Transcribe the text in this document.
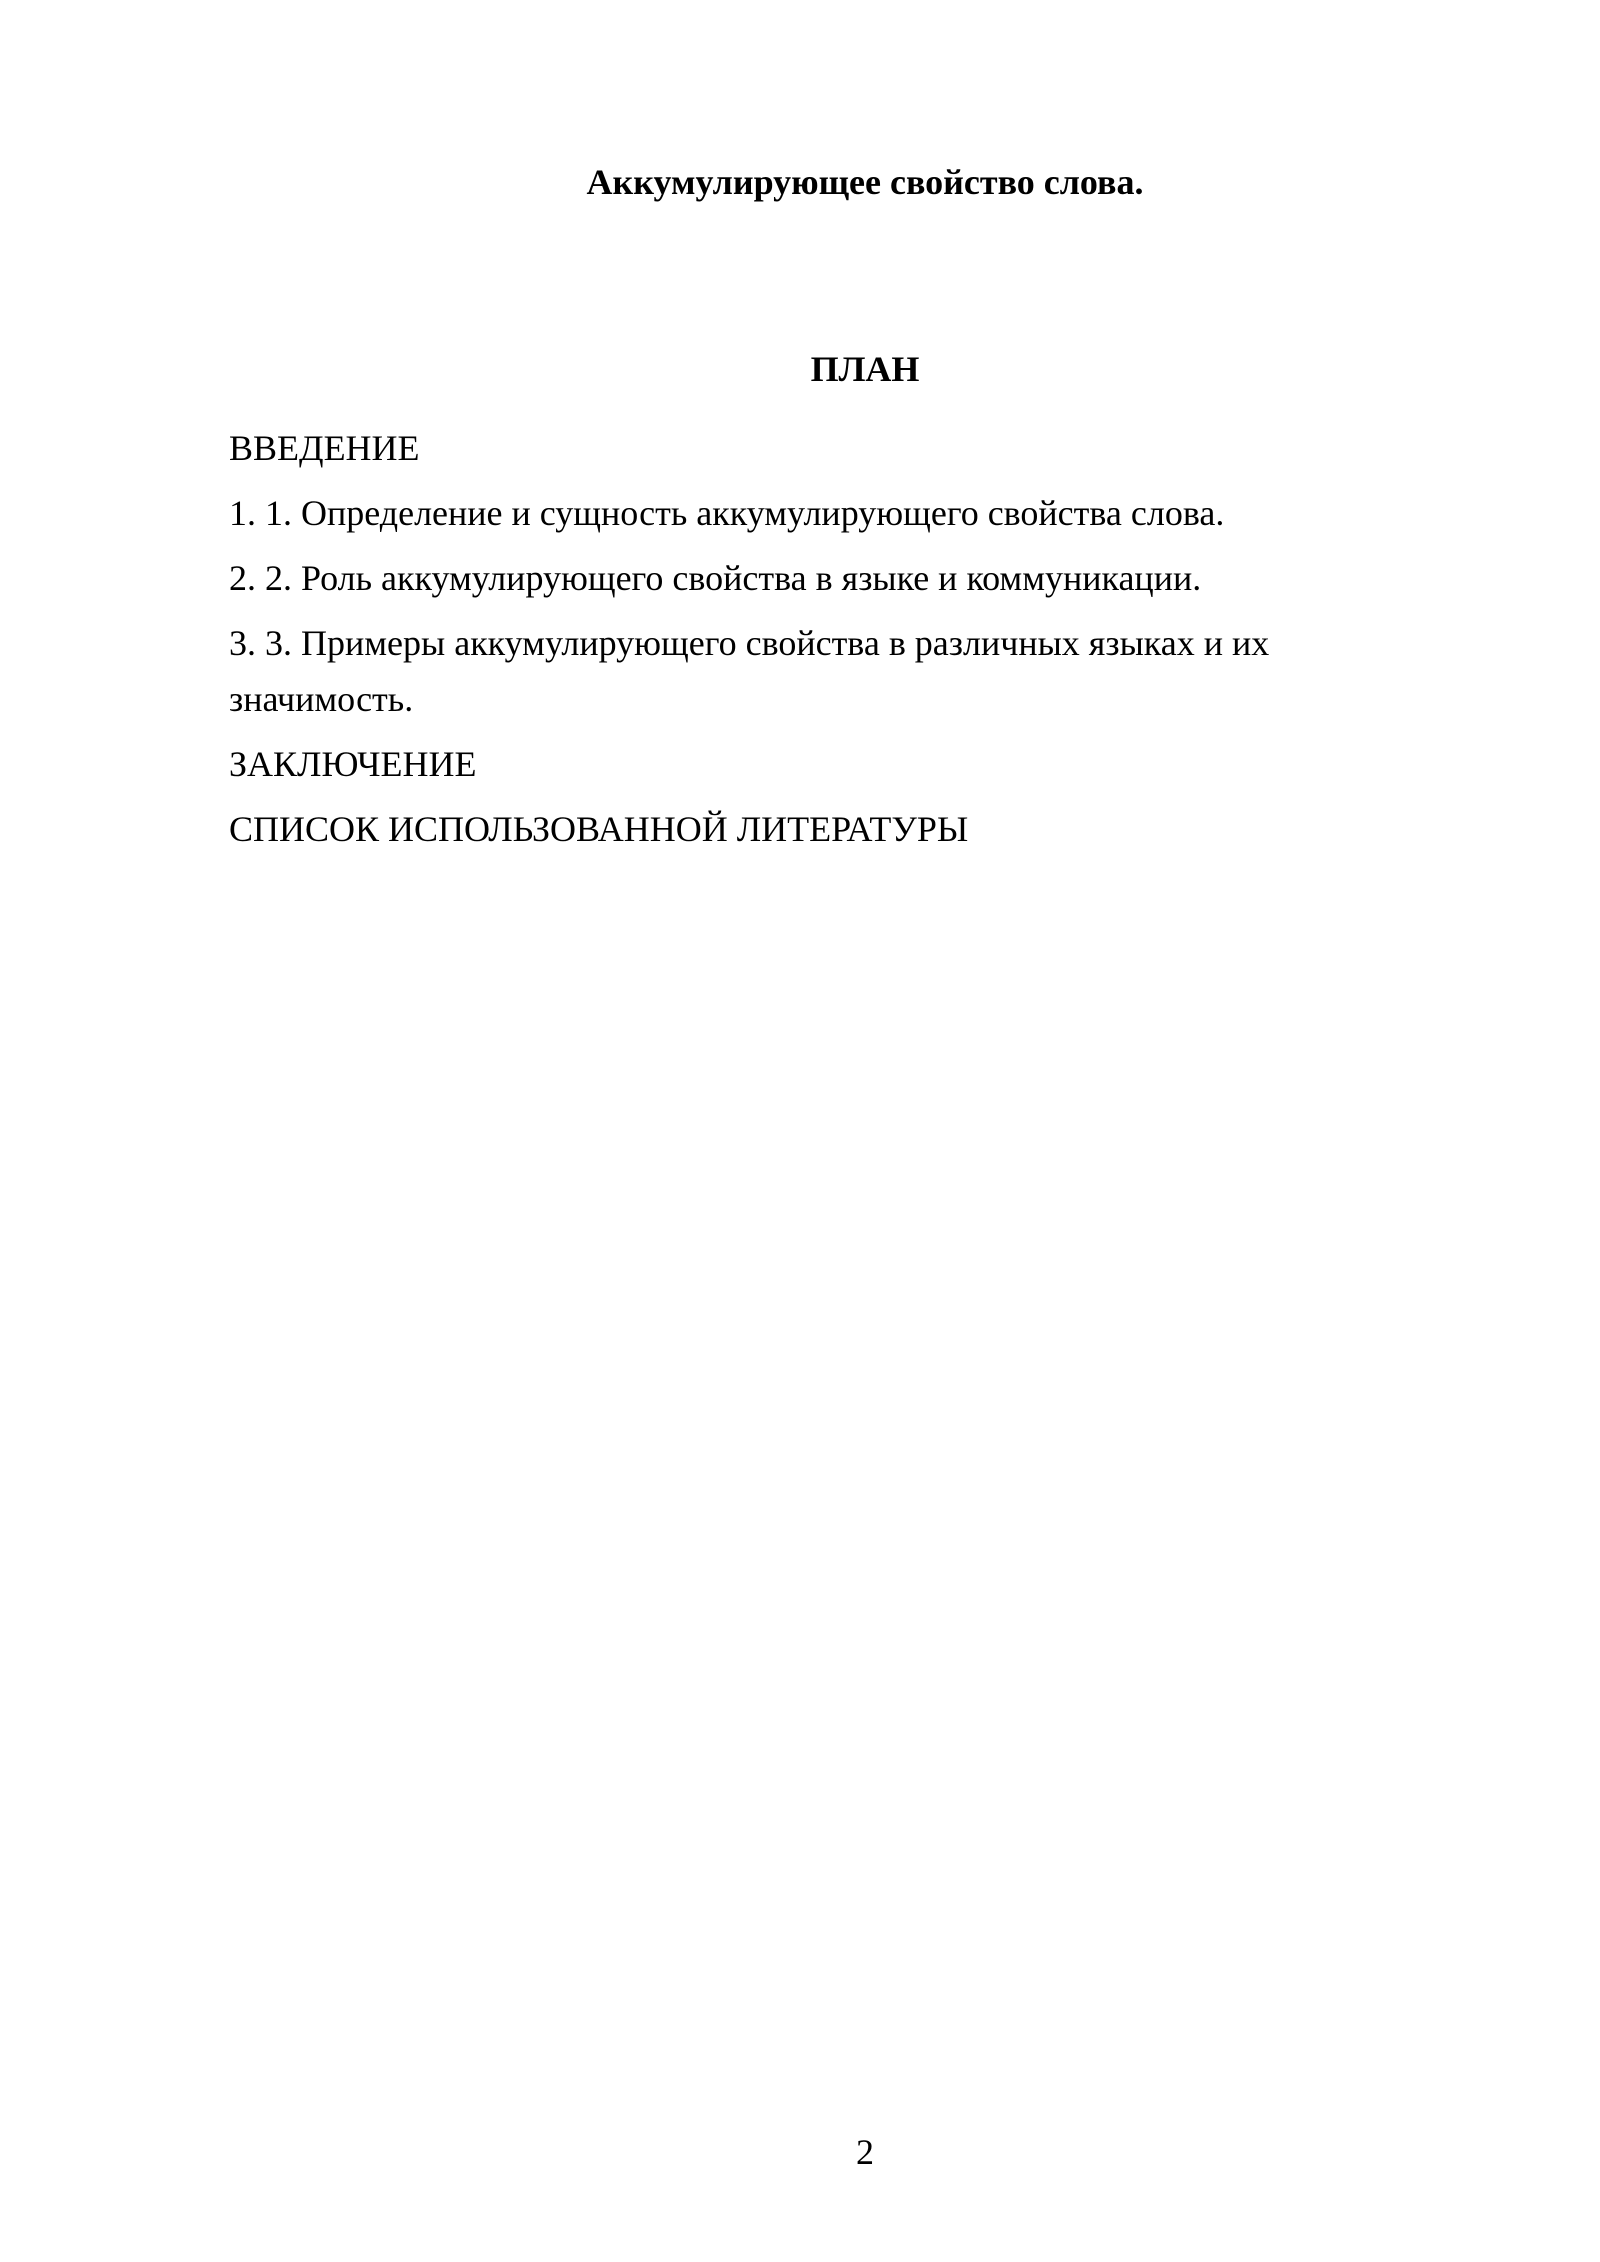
Аккумулирующее свойство слова.
ПЛАН
ВВЕДЕНИЕ
1. 1. Определение и сущность аккумулирующего свойства слова.
2. 2. Роль аккумулирующего свойства в языке и коммуникации.
3. 3. Примеры аккумулирующего свойства в различных языках и их значимость.
ЗАКЛЮЧЕНИЕ
СПИСОК ИСПОЛЬЗОВАННОЙ ЛИТЕРАТУРЫ
2
